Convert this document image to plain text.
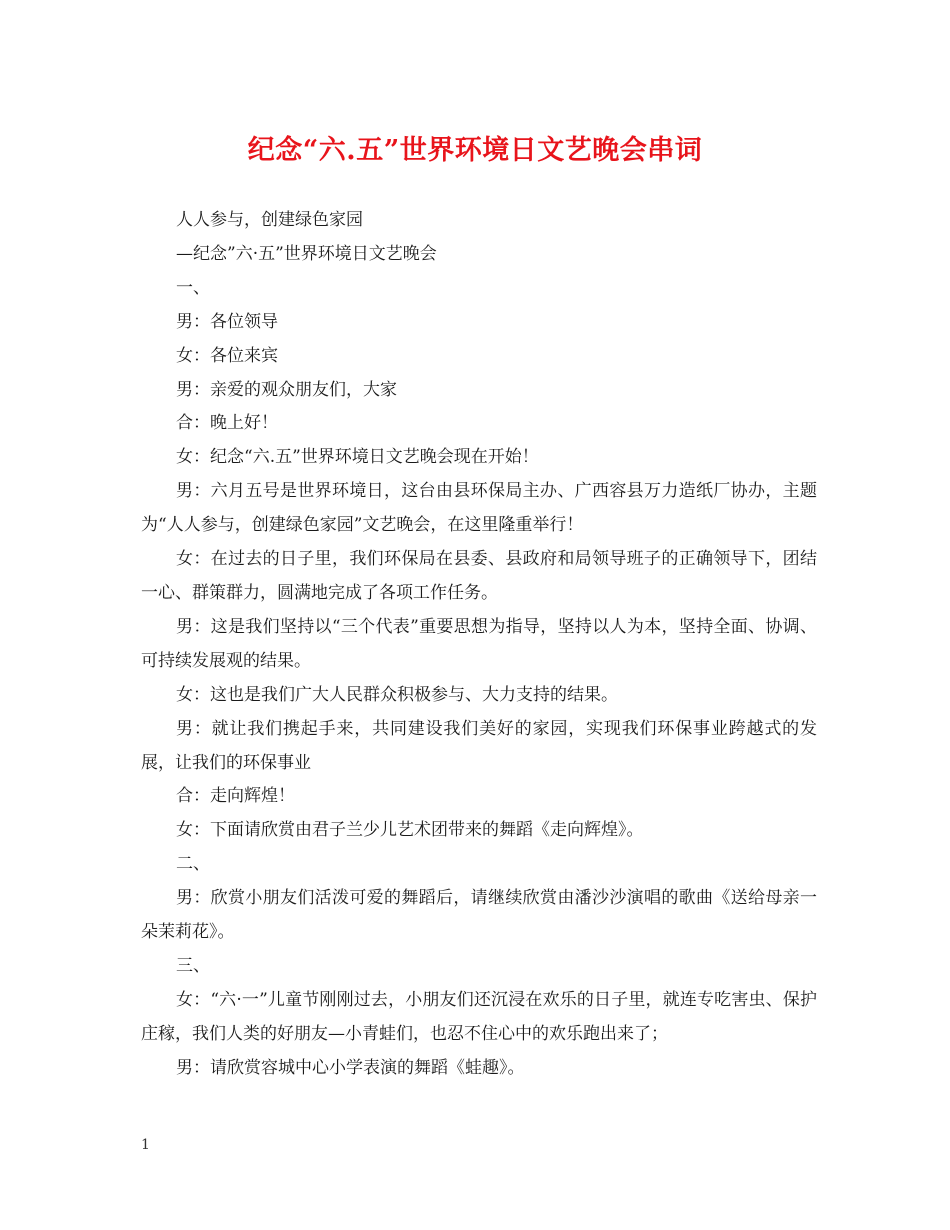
纪念“六.五”世界环境日文艺晚会串词

人人参与，创建绿色家园

—纪念”六·五”世界环境日文艺晚会

一、

男：各位领导

女：各位来宾

男：亲爱的观众朋友们，大家

合：晚上好！

女：纪念“六.五”世界环境日文艺晚会现在开始！

男：六月五号是世界环境日，这台由县环保局主办、广西容县万力造纸厂协办，主题为“人人参与，创建绿色家园”文艺晚会，在这里隆重举行！

女：在过去的日子里，我们环保局在县委、县政府和局领导班子的正确领导下，团结一心、群策群力，圆满地完成了各项工作任务。

男：这是我们坚持以“三个代表”重要思想为指导，坚持以人为本，坚持全面、协调、可持续发展观的结果。

女：这也是我们广大人民群众积极参与、大力支持的结果。

男：就让我们携起手来，共同建设我们美好的家园，实现我们环保事业跨越式的发展，让我们的环保事业

合：走向辉煌！

女：下面请欣赏由君子兰少儿艺术团带来的舞蹈《走向辉煌》。

二、

男：欣赏小朋友们活泼可爱的舞蹈后，请继续欣赏由潘沙沙演唱的歌曲《送给母亲一朵茉莉花》。

三、

女：“六·一”儿童节刚刚过去，小朋友们还沉浸在欢乐的日子里，就连专吃害虫、保护庄稼，我们人类的好朋友—小青蛙们，也忍不住心中的欢乐跑出来了；

男：请欣赏容城中心小学表演的舞蹈《蛙趣》。

1
